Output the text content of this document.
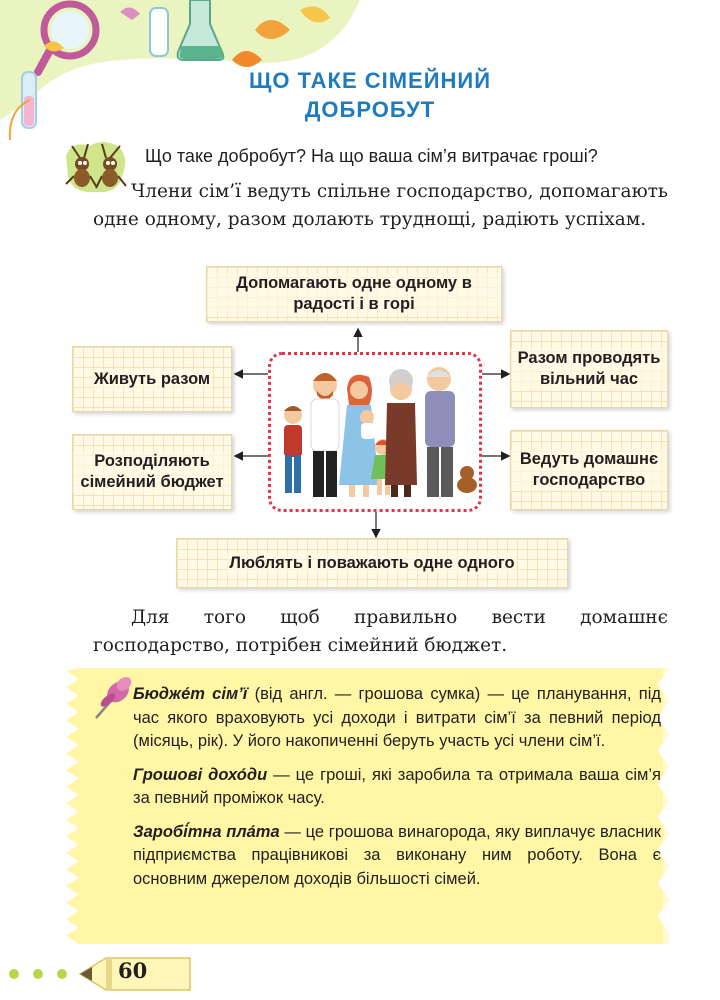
ЩО ТАКЕ СІМЕЙНИЙ
ДОБРОБУТ
Що таке добробут? На що ваша сім’я витрачає гроші?

Члени сім’ї ведуть спільне господарство, допомагають одне одному, разом долають труднощі, радіють успіхам.

Допомагають одне одному в радості і в горі
Живуть разом
Розподіляють сімейний бюджет
Разом проводять вільний час
Ведуть домашнє господарство
Люблять і поважають одне одного

Для того щоб правильно вести домашнє господарство, потрібен сімейний бюджет.

Бюдже́т сім’ї (від англ. — грошова сумка) — це планування, під час якого враховують усі доходи і витрати сім’ї за певний період (місяць, рік). У його накопиченні беруть участь усі члени сім’ї.

Грошові дохо́ди — це гроші, які заробила та отримала ваша сім’я за певний проміжок часу.

Заробі́тна пла́та — це грошова винагорода, яку виплачує власник підприємства працівникові за виконану ним роботу. Вона є основним джерелом доходів більшості сімей.

60
